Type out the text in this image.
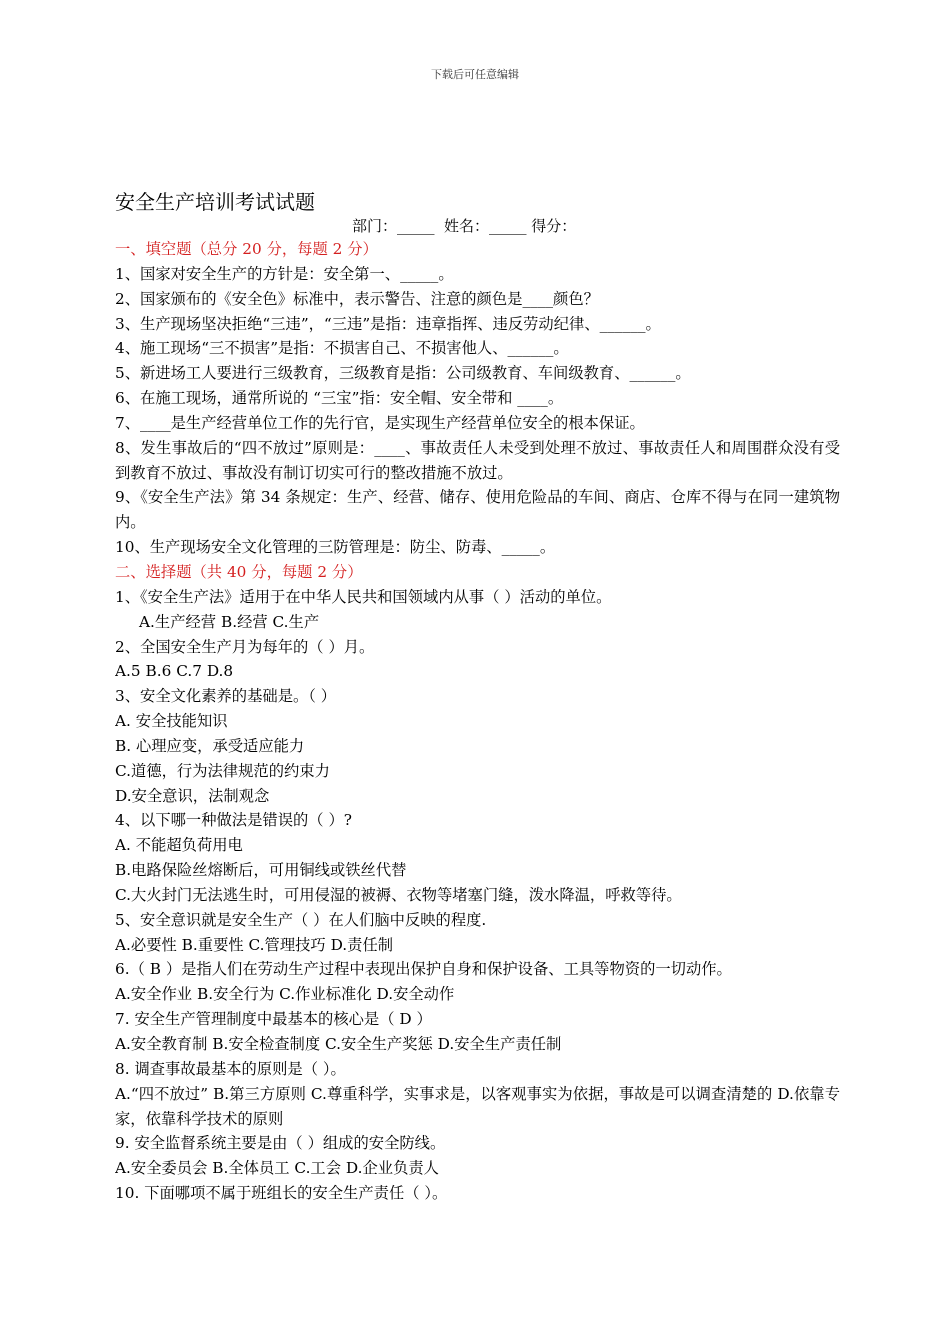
下载后可任意编辑
安全生产培训考试试题
部门：_____  姓名：_____ 得分：
一、填空题（总分 20 分，每题 2 分）
1、国家对安全生产的方针是：安全第一、_____。
2、国家颁布的《安全色》标准中，表示警告、注意的颜色是____颜色？
3、生产现场坚决拒绝“三违”，“三违”是指：违章指挥、违反劳动纪律、______。
4、施工现场“三不损害”是指：不损害自己、不损害他人、______。
5、新进场工人要进行三级教育，三级教育是指：公司级教育、车间级教育、______。
6、在施工现场，通常所说的 “三宝”指：安全帽、安全带和 ____。
7、____是生产经营单位工作的先行官，是实现生产经营单位安全的根本保证。
8、发生事故后的“四不放过”原则是：____、事故责任人未受到处理不放过、事故责任人和周围群众没有受到教育不放过、事故没有制订切实可行的整改措施不放过。
9、《安全生产法》第 34 条规定：生产、经营、储存、使用危险品的车间、商店、仓库不得与在同一建筑物内。
10、生产现场安全文化管理的三防管理是：防尘、防毒、_____。
二、选择题（共 40 分，每题 2 分）
1、《安全生产法》适用于在中华人民共和国领域内从事（ ）活动的单位。
A.生产经营 B.经营 C.生产
2、全国安全生产月为每年的（ ）月。
A.5 B.6 C.7 D.8
3、安全文化素养的基础是。（ ）
A. 安全技能知识
B. 心理应变，承受适应能力
C.道德，行为法律规范的约束力
D.安全意识，法制观念
4、以下哪一种做法是错误的（ ）?
A. 不能超负荷用电
B.电路保险丝熔断后，可用铜线或铁丝代替
C.大火封门无法逃生时，可用侵湿的被褥、衣物等堵塞门缝，泼水降温，呼救等待。
5、安全意识就是安全生产（ ）在人们脑中反映的程度.
A.必要性 B.重要性 C.管理技巧 D.责任制
6.（ B ）是指人们在劳动生产过程中表现出保护自身和保护设备、工具等物资的一切动作。
A.安全作业 B.安全行为 C.作业标准化 D.安全动作
7. 安全生产管理制度中最基本的核心是（ D ）
A.安全教育制 B.安全检查制度 C.安全生产奖惩 D.安全生产责任制
8. 调查事故最基本的原则是（ ）。
A.“四不放过” B.第三方原则 C.尊重科学，实事求是，以客观事实为依据，事故是可以调查清楚的 D.依靠专家，依靠科学技术的原则
9. 安全监督系统主要是由（ ）组成的安全防线。
A.安全委员会 B.全体员工 C.工会 D.企业负责人
10. 下面哪项不属于班组长的安全生产责任（ ）。
